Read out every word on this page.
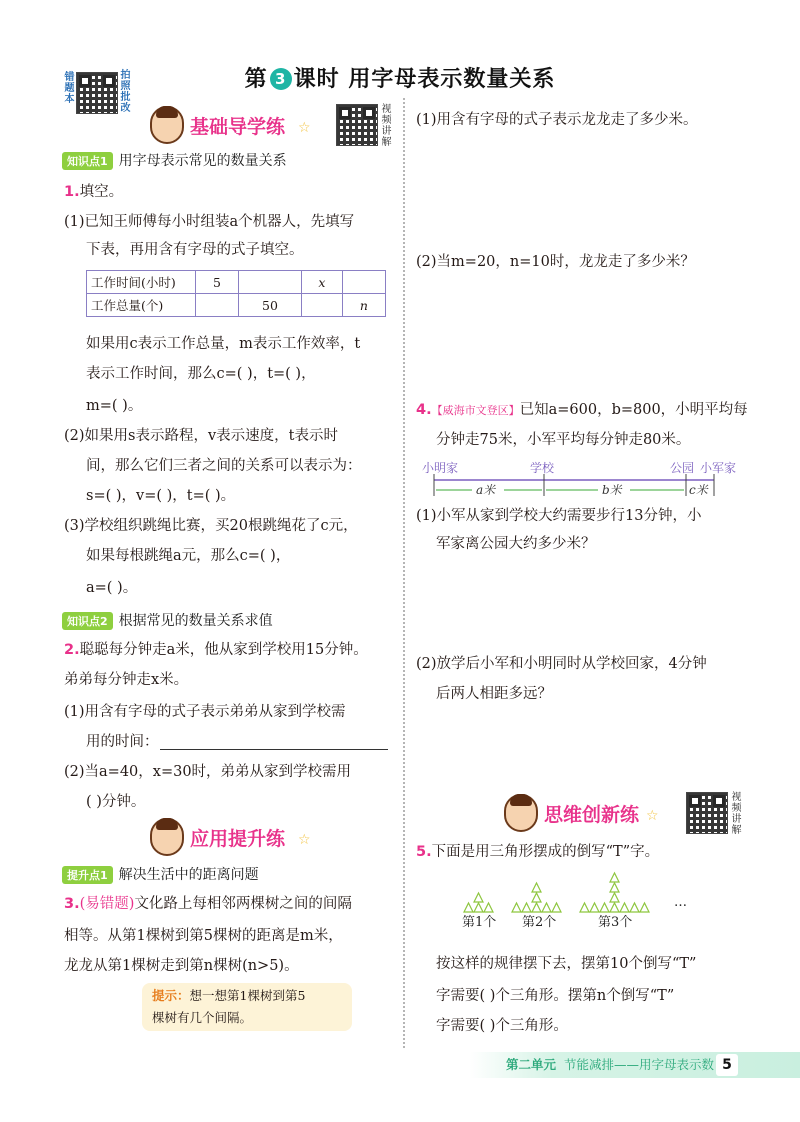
错题本
拍照批改
第 3 课时 用字母表示数量关系
基础导学练 ☆
视频讲解
知识点1 用字母表示常见的数量关系
1.填空。
(1)已知王师傅每小时组装a个机器人，先填写
下表，再用含有字母的式子填空。
工作时间(小时)	5		x	
工作总量(个)		50		n
如果用c表示工作总量，m表示工作效率，t
表示工作时间，那么c=( )，t=( )，
m=( )。
(2)如果用s表示路程，v表示速度，t表示时
间，那么它们三者之间的关系可以表示为：
s=( )，v=( )，t=( )。
(3)学校组织跳绳比赛，买20根跳绳花了c元，
如果每根跳绳a元，那么c=( )，
a=( )。
知识点2 根据常见的数量关系求值
2.聪聪每分钟走a米，他从家到学校用15分钟。
弟弟每分钟走x米。
(1)用含有字母的式子表示弟弟从家到学校需
用的时间：
(2)当a=40，x=30时，弟弟从家到学校需用
( )分钟。
应用提升练 ☆
提升点1 解决生活中的距离问题
3.(易错题)文化路上每相邻两棵树之间的间隔
相等。从第1棵树到第5棵树的距离是m米，
龙龙从第1棵树走到第n棵树(n>5)。
提示：想一想第1棵树到第5
棵树有几个间隔。
(1)用含有字母的式子表示龙龙走了多少米。
(2)当m=20，n=10时，龙龙走了多少米？
4.【威海市文登区】已知a=600，b=800，小明平均每
分钟走75米，小军平均每分钟走80米。
小明家	学校	公园 小军家
a米	b米	c米
(1)小军从家到学校大约需要步行13分钟，小
军家离公园大约多少米？
(2)放学后小军和小明同时从学校回家，4分钟
后两人相距多远？
思维创新练 ☆
视频讲解
5.下面是用三角形摆成的倒写“T”字。
第1个 第2个	第3个
…
按这样的规律摆下去，摆第10个倒写“T”
字需要( )个三角形。摆第n个倒写“T”
字需要( )个三角形。
第二单元 节能减排——用字母表示数 5
